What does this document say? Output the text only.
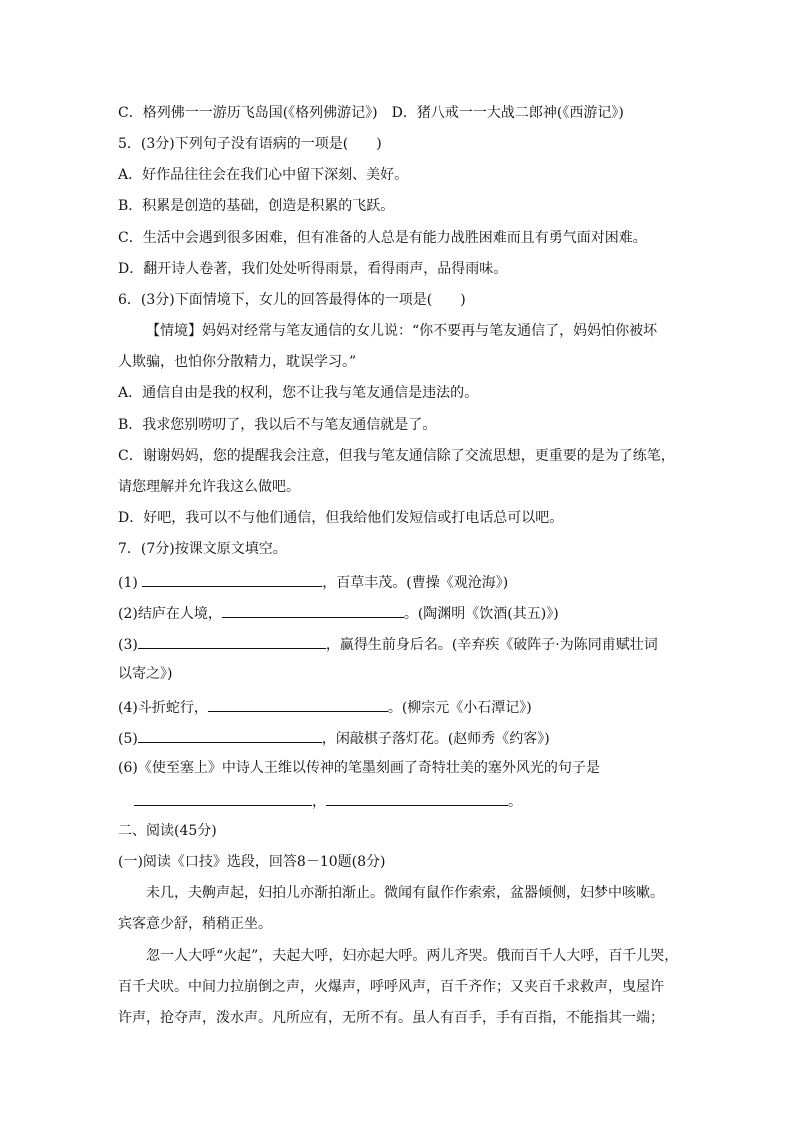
C．格列佛一一游历飞岛国(《格列佛游记》)　D．猪八戒一一大战二郎神(《西游记》)
5．(3分)下列句子没有语病的一项是(　　)
A．好作品往往会在我们心中留下深刻、美好。
B．积累是创造的基础，创造是积累的飞跃。
C．生活中会遇到很多困难，但有准备的人总是有能力战胜困难而且有勇气面对困难。
D．翻开诗人卷著，我们处处听得雨景，看得雨声，品得雨味。
6．(3分)下面情境下，女儿的回答最得体的一项是(　　)
【情境】妈妈对经常与笔友通信的女儿说：“你不要再与笔友通信了，妈妈怕你被坏
人欺骗，也怕你分散精力，耽误学习。”
A．通信自由是我的权利，您不让我与笔友通信是违法的。
B．我求您别唠叨了，我以后不与笔友通信就是了。
C．谢谢妈妈，您的提醒我会注意，但我与笔友通信除了交流思想，更重要的是为了练笔，
请您理解并允许我这么做吧。
D．好吧，我可以不与他们通信，但我给他们发短信或打电话总可以吧。
7．(7分)按课文原文填空。
(1)	，百草丰茂。(曹操《观沧海》)
(2)结庐在人境，	。(陶渊明《饮酒(其五)》)
(3)	，赢得生前身后名。(辛弃疾《破阵子·为陈同甫赋壮词
以寄之》)
(4)斗折蛇行，	。(柳宗元《小石潭记》)
(5)	，闲敲棋子落灯花。(赵师秀《约客》)
(6)《使至塞上》中诗人王维以传神的笔墨刻画了奇特壮美的塞外风光的句子是
，	。
二、阅读(45分)
(一)阅读《口技》选段，回答8－10题(8分)
未几，夫齁声起，妇拍儿亦渐拍渐止。微闻有鼠作作索索，盆器倾侧，妇梦中咳嗽。
宾客意少舒，稍稍正坐。
忽一人大呼“火起”，夫起大呼，妇亦起大呼。两儿齐哭。俄而百千人大呼，百千儿哭，
百千犬吠。中间力拉崩倒之声，火爆声，呼呼风声，百千齐作；又夹百千求救声，曳屋许
许声，抢夺声，泼水声。凡所应有，无所不有。虽人有百手，手有百指，不能指其一端；
